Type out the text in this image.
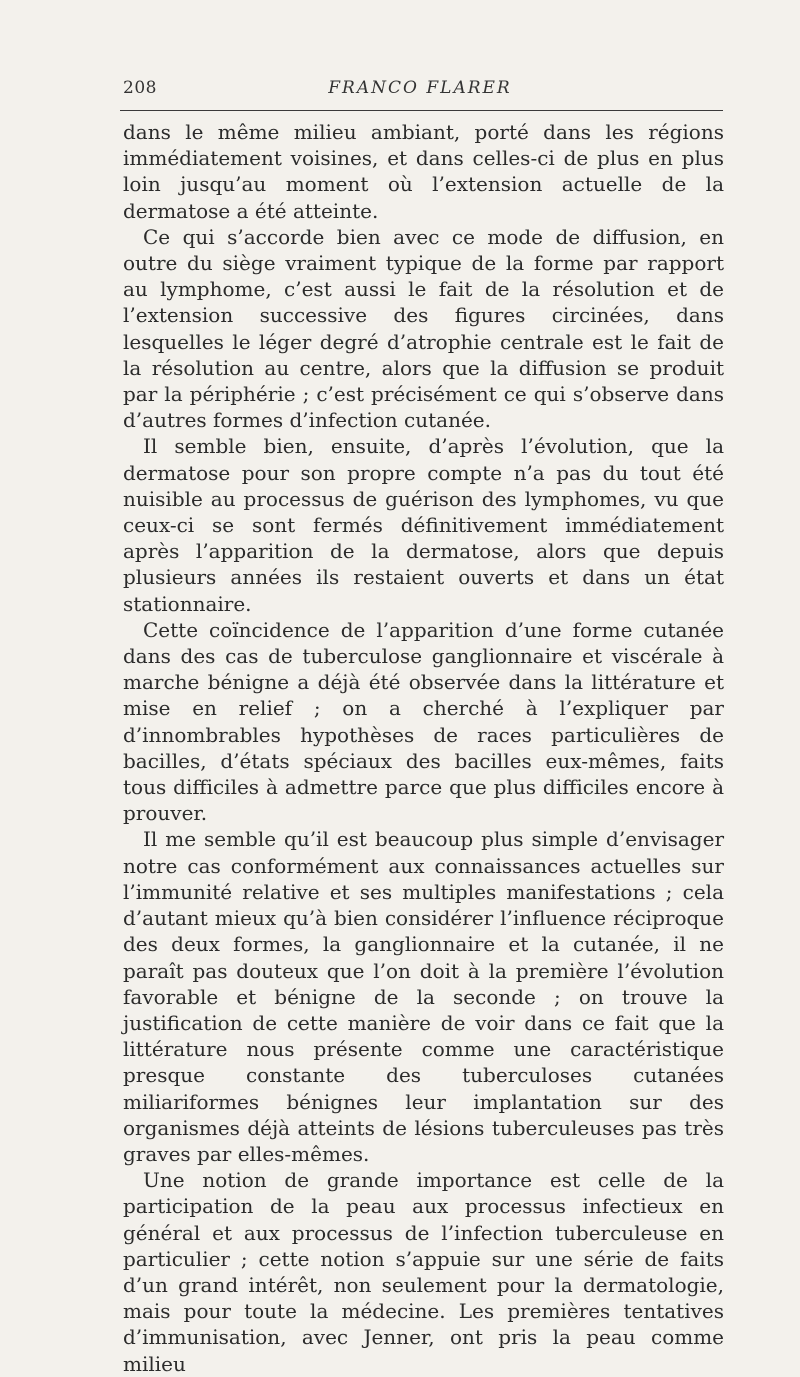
208	FRANCO FLARER

dans le même milieu ambiant, porté dans les régions immédiatement voisines, et dans celles-ci de plus en plus loin jusqu’au moment où l’extension actuelle de la dermatose a été atteinte.

Ce qui s’accorde bien avec ce mode de diffusion, en outre du siège vraiment typique de la forme par rapport au lymphome, c’est aussi le fait de la résolution et de l’extension successive des figures circinées, dans lesquelles le léger degré d’atrophie centrale est le fait de la résolution au centre, alors que la diffusion se produit par la périphérie ; c’est précisément ce qui s’observe dans d’autres formes d’infection cutanée.

Il semble bien, ensuite, d’après l’évolution, que la dermatose pour son propre compte n’a pas du tout été nuisible au processus de guérison des lymphomes, vu que ceux-ci se sont fermés définitivement immédiatement après l’apparition de la dermatose, alors que depuis plusieurs années ils restaient ouverts et dans un état stationnaire.

Cette coïncidence de l’apparition d’une forme cutanée dans des cas de tuberculose ganglionnaire et viscérale à marche bénigne a déjà été observée dans la littérature et mise en relief ; on a cherché à l’expliquer par d’innombrables hypothèses de races particulières de bacilles, d’états spéciaux des bacilles eux-mêmes, faits tous difficiles à admettre parce que plus difficiles encore à prouver.

Il me semble qu’il est beaucoup plus simple d’envisager notre cas conformément aux connaissances actuelles sur l’immunité relative et ses multiples manifestations ; cela d’autant mieux qu’à bien considérer l’influence réciproque des deux formes, la ganglionnaire et la cutanée, il ne paraît pas douteux que l’on doit à la première l’évolution favorable et bénigne de la seconde ; on trouve la justification de cette manière de voir dans ce fait que la littérature nous présente comme une caractéristique presque constante des tuberculoses cutanées miliariformes bénignes leur implantation sur des organismes déjà atteints de lésions tuberculeuses pas très graves par elles-mêmes.

Une notion de grande importance est celle de la participation de la peau aux processus infectieux en général et aux processus de l’infection tuberculeuse en particulier ; cette notion s’appuie sur une série de faits d’un grand intérêt, non seulement pour la dermatologie, mais pour toute la médecine. Les premières tentatives d’immunisation, avec Jenner, ont pris la peau comme milieu
